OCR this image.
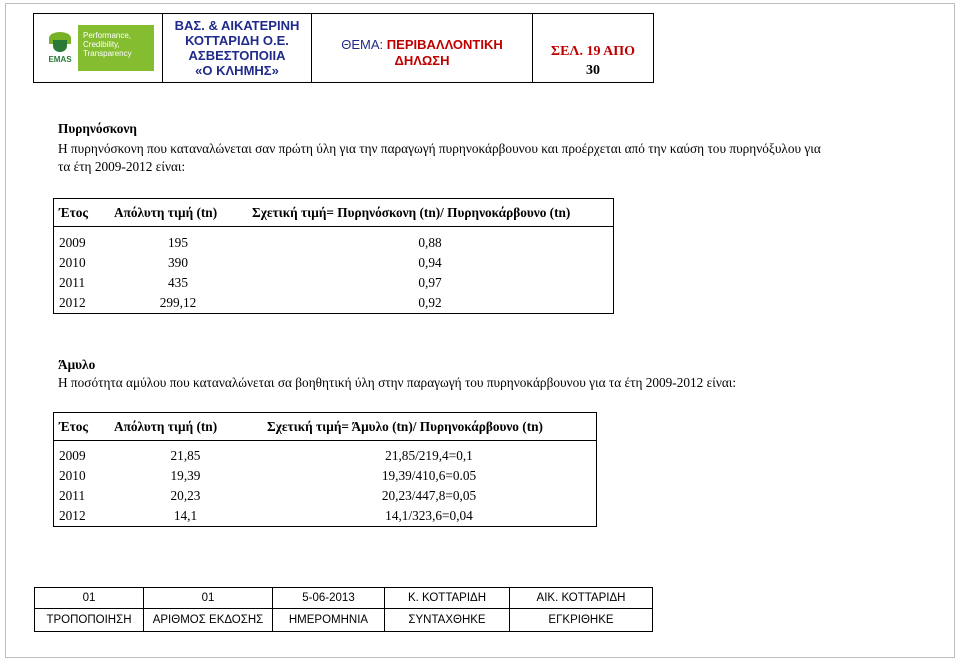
EMAS
Performance,
Credibility,
Transparency

ΒΑΣ. & ΑΙΚΑΤΕΡΙΝΗ
ΚΟΤΤΑΡΙΔΗ Ο.Ε.
ΑΣΒΕΣΤΟΠΟΙΙΑ
«Ο ΚΛΗΜΗΣ»

ΘΕΜΑ: ΠΕΡΙΒΑΛΛΟΝΤΙΚΗ
ΔΗΛΩΣΗ

ΣΕΛ. 19 ΑΠΟ
30
Πυρηνόσκονη
Η πυρηνόσκονη που καταναλώνεται σαν πρώτη ύλη για την παραγωγή πυρηνοκάρβουνου και προέρχεται από την καύση του πυρηνόξυλου για
τα έτη 2009-2012 είναι:
Έτος	Απόλυτη τιμή (tn)	Σχετική τιμή= Πυρηνόσκονη (tn)/ Πυρηνοκάρβουνο (tn)

2009	195	0,88
2010	390	0,94
2011	435	0,97
2012	299,12	0,92
Άμυλο
Η ποσότητα αμύλου που καταναλώνεται σα βοηθητική ύλη στην παραγωγή του πυρηνοκάρβουνου για τα έτη 2009-2012 είναι:
Έτος	Απόλυτη τιμή (tn)	Σχετική τιμή= Άμυλο (tn)/ Πυρηνοκάρβουνο (tn)

2009	21,85	21,85/219,4=0,1
2010	19,39	19,39/410,6=0.05
2011	20,23	20,23/447,8=0,05
2012	14,1	14,1/323,6=0,04
01	01	5-06-2013	Κ. ΚΟΤΤΑΡΙΔΗ	ΑΙΚ. ΚΟΤΤΑΡΙΔΗ
ΤΡΟΠΟΠΟΙΗΣΗ	ΑΡΙΘΜΟΣ ΕΚΔΟΣΗΣ	ΗΜΕΡΟΜΗΝΙΑ	ΣΥΝΤΑΧΘΗΚΕ	ΕΓΚΡΙΘΗΚΕ
